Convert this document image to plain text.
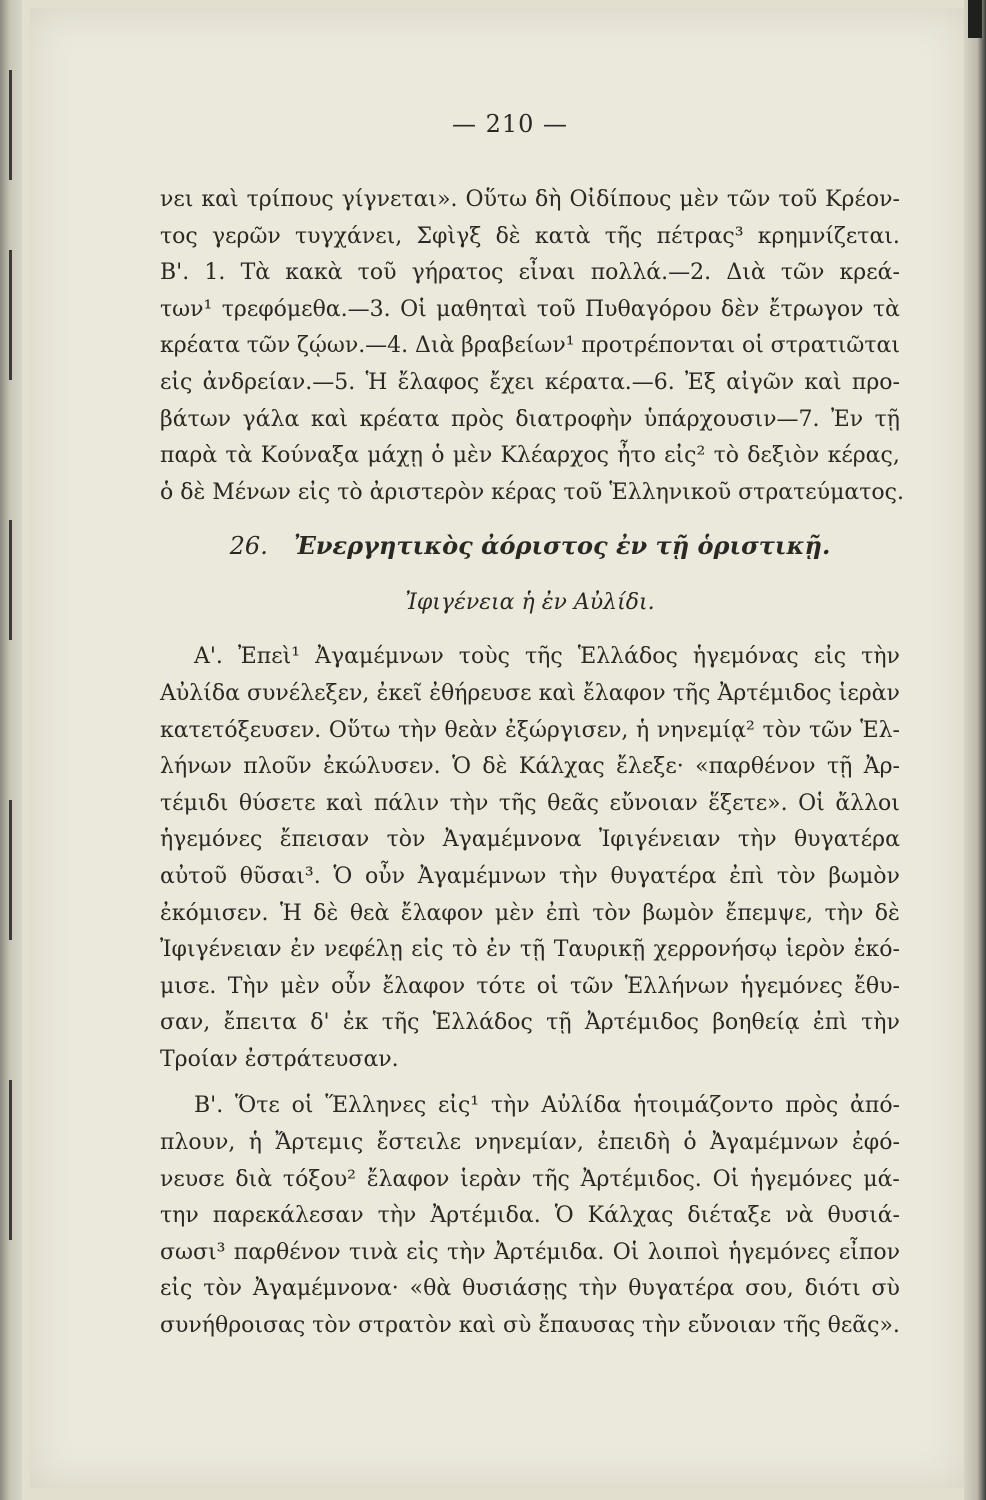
— 210 —
νει καὶ τρίπους γίγνεται». Οὕτω δὴ Οἰδίπους μὲν τῶν τοῦ Κρέον-
τος γερῶν τυγχάνει, Σφὶγξ δὲ κατὰ τῆς πέτρας³ κρημνίζεται.
Β'. 1. Τὰ κακὰ τοῦ γήρατος εἶναι πολλά.—2. Διὰ τῶν κρεά-
των¹ τρεφόμεθα.—3. Οἱ μαθηταὶ τοῦ Πυθαγόρου δὲν ἔτρωγον τὰ
κρέατα τῶν ζῴων.—4. Διὰ βραβείων¹ προτρέπονται οἱ στρατιῶται
εἰς ἀνδρείαν.—5. Ἡ ἔλαφος ἔχει κέρατα.—6. Ἐξ αἰγῶν καὶ προ-
βάτων γάλα καὶ κρέατα πρὸς διατροφὴν ὑπάρχουσιν—7. Ἐν τῇ
παρὰ τὰ Κούναξα μάχῃ ὁ μὲν Κλέαρχος ἦτο εἰς² τὸ δεξιὸν κέρας,
ὁ δὲ Μένων εἰς τὸ ἀριστερὸν κέρας τοῦ Ἑλληνικοῦ στρατεύματος.
26. Ἐνεργητικὸς ἀόριστος ἐν τῇ ὁριστικῇ.
Ἰφιγένεια ἡ ἐν Αὐλίδι.
Α'. Ἐπεὶ¹ Ἀγαμέμνων τοὺς τῆς Ἑλλάδος ἡγεμόνας εἰς τὴν
Αὐλίδα συνέλεξεν, ἐκεῖ ἐθήρευσε καὶ ἔλαφον τῆς Ἀρτέμιδος ἱερὰν
κατετόξευσεν. Οὕτω τὴν θεὰν ἐξώργισεν, ἡ νηνεμίᾳ² τὸν τῶν Ἑλ-
λήνων πλοῦν ἐκώλυσεν. Ὁ δὲ Κάλχας ἔλεξε· «παρθένον τῇ Ἀρ-
τέμιδι θύσετε καὶ πάλιν τὴν τῆς θεᾶς εὔνοιαν ἕξετε». Οἱ ἄλλοι
ἡγεμόνες ἔπεισαν τὸν Ἀγαμέμνονα Ἰφιγένειαν τὴν θυγατέρα
αὐτοῦ θῦσαι³. Ὁ οὖν Ἀγαμέμνων τὴν θυγατέρα ἐπὶ τὸν βωμὸν
ἐκόμισεν. Ἡ δὲ θεὰ ἔλαφον μὲν ἐπὶ τὸν βωμὸν ἔπεμψε, τὴν δὲ
Ἰφιγένειαν ἐν νεφέλῃ εἰς τὸ ἐν τῇ Ταυρικῇ χερρονήσῳ ἱερὸν ἐκό-
μισε. Τὴν μὲν οὖν ἔλαφον τότε οἱ τῶν Ἑλλήνων ἡγεμόνες ἔθυ-
σαν, ἔπειτα δ' ἐκ τῆς Ἑλλάδος τῇ Ἀρτέμιδος βοηθείᾳ ἐπὶ τὴν
Τροίαν ἐστράτευσαν.
Β'. Ὅτε οἱ Ἕλληνες εἰς¹ τὴν Αὐλίδα ἡτοιμάζοντο πρὸς ἀπό-
πλουν, ἡ Ἄρτεμις ἔστειλε νηνεμίαν, ἐπειδὴ ὁ Ἀγαμέμνων ἐφό-
νευσε διὰ τόξου² ἔλαφον ἱερὰν τῆς Ἀρτέμιδος. Οἱ ἡγεμόνες μά-
την παρεκάλεσαν τὴν Ἀρτέμιδα. Ὁ Κάλχας διέταξε νὰ θυσιά-
σωσι³ παρθένον τινὰ εἰς τὴν Ἀρτέμιδα. Οἱ λοιποὶ ἡγεμόνες εἶπον
εἰς τὸν Ἀγαμέμνονα· «θὰ θυσιάσῃς τὴν θυγατέρα σου, διότι σὺ
συνήθροισας τὸν στρατὸν καὶ σὺ ἔπαυσας τὴν εὔνοιαν τῆς θεᾶς».
